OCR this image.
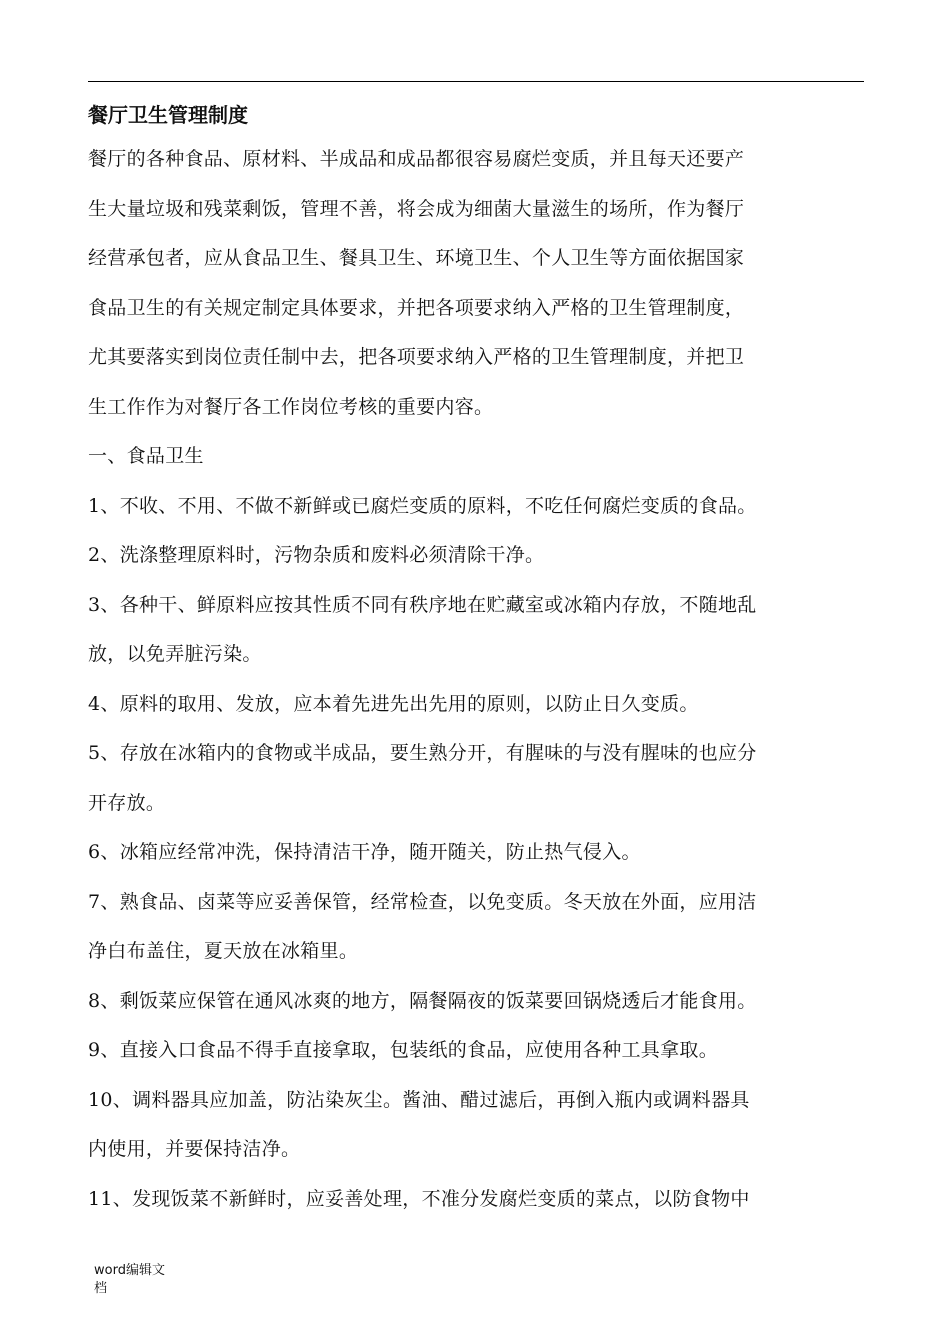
餐厅卫生管理制度

餐厅的各种食品、原材料、半成品和成品都很容易腐烂变质，并且每天还要产
生大量垃圾和残菜剩饭，管理不善，将会成为细菌大量滋生的场所，作为餐厅
经营承包者，应从食品卫生、餐具卫生、环境卫生、个人卫生等方面依据国家
食品卫生的有关规定制定具体要求，并把各项要求纳入严格的卫生管理制度，
尤其要落实到岗位责任制中去，把各项要求纳入严格的卫生管理制度，并把卫
生工作作为对餐厅各工作岗位考核的重要内容。

一、食品卫生

1、不收、不用、不做不新鲜或已腐烂变质的原料，不吃任何腐烂变质的食品。

2、洗涤整理原料时，污物杂质和废料必须清除干净。

3、各种干、鲜原料应按其性质不同有秩序地在贮藏室或冰箱内存放，不随地乱
放，以免弄脏污染。

4、原料的取用、发放，应本着先进先出先用的原则，以防止日久变质。

5、存放在冰箱内的食物或半成品，要生熟分开，有腥味的与没有腥味的也应分
开存放。

6、冰箱应经常冲洗，保持清洁干净，随开随关，防止热气侵入。

7、熟食品、卤菜等应妥善保管，经常检查，以免变质。冬天放在外面，应用洁
净白布盖住，夏天放在冰箱里。

8、剩饭菜应保管在通风冰爽的地方，隔餐隔夜的饭菜要回锅烧透后才能食用。

9、直接入口食品不得手直接拿取，包装纸的食品，应使用各种工具拿取。

10、调料器具应加盖，防沾染灰尘。酱油、醋过滤后，再倒入瓶内或调料器具
内使用，并要保持洁净。

11、发现饭菜不新鲜时，应妥善处理，不准分发腐烂变质的菜点，以防食物中

word编辑文
档
